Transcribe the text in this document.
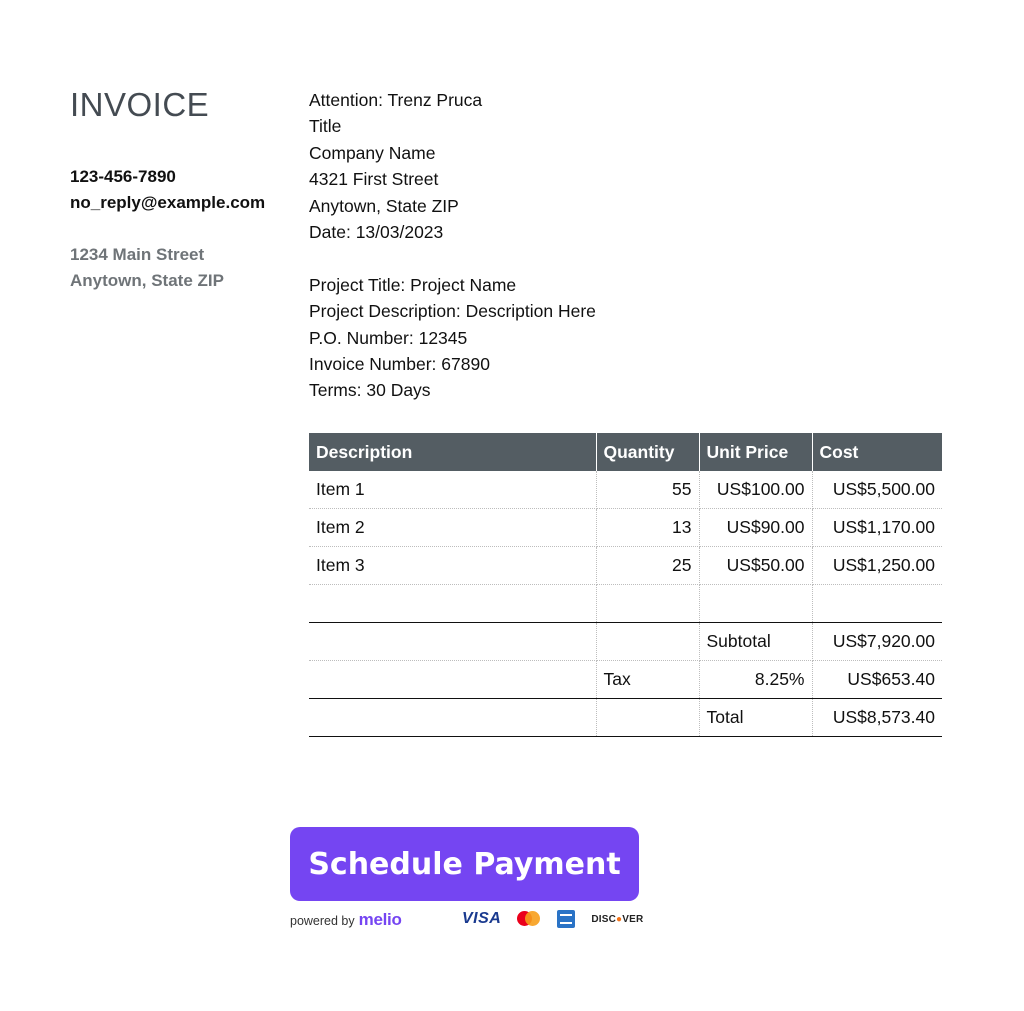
INVOICE
123-456-7890
no_reply@example.com
1234 Main Street
Anytown, State ZIP
Attention: Trenz Pruca
Title
Company Name
4321 First Street
Anytown, State ZIP
Date: 13/03/2023
Project Title: Project Name
Project Description: Description Here
P.O. Number: 12345
Invoice Number: 67890
Terms: 30 Days
Description	Quantity	Unit Price	Cost
Item 1	55	US$100.00	US$5,500.00
Item 2	13	US$90.00	US$1,170.00
Item 3	25	US$50.00	US$1,250.00

		Subtotal	US$7,920.00
	Tax	8.25%	US$653.40
		Total	US$8,573.40
Schedule Payment
powered by melio	VISA	DISC●VER
